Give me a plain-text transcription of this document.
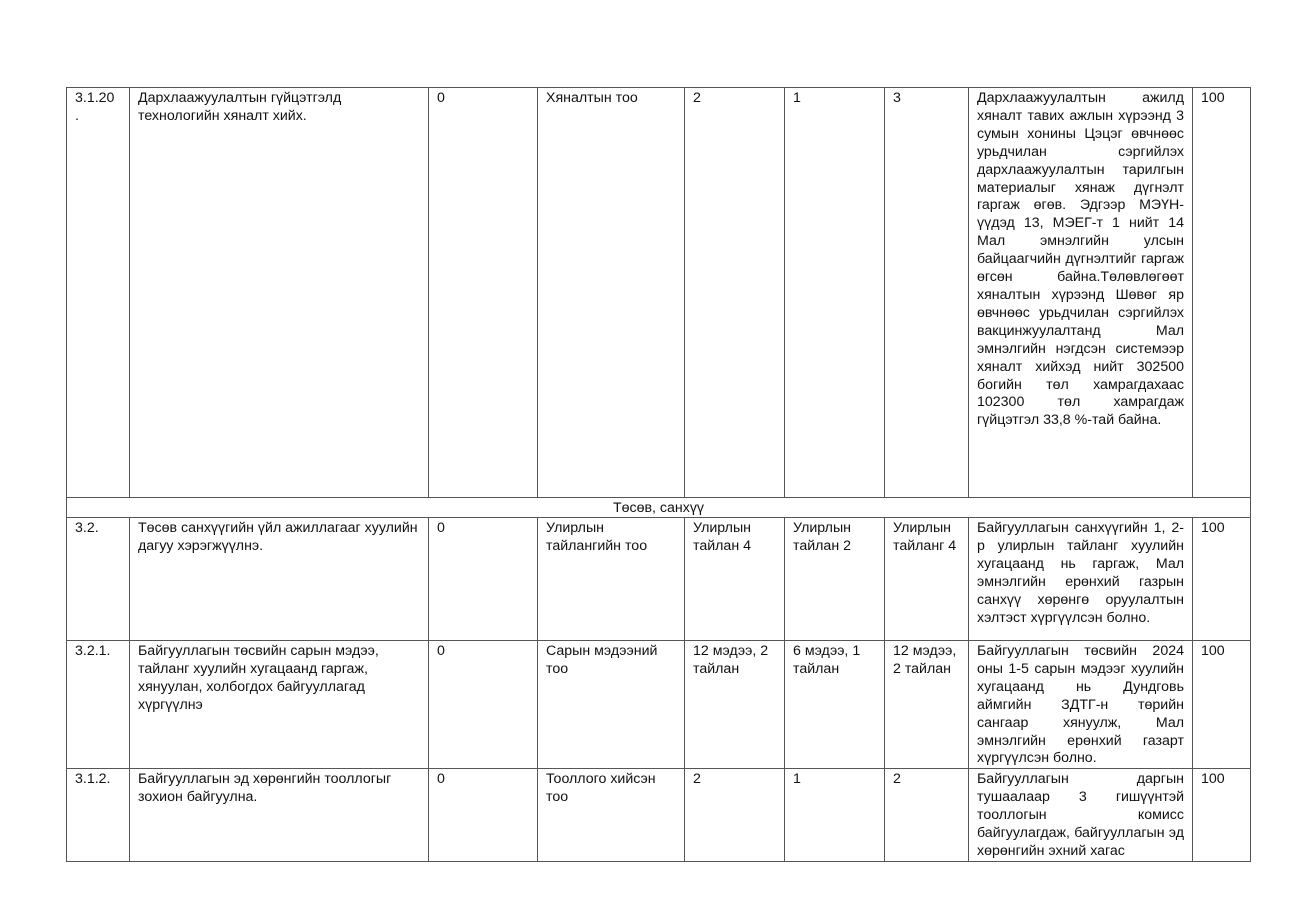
3.1.20 .	Дархлаажуулалтын гүйцэтгэлд технологийн хяналт хийх.	0	Хяналтын тоо	2	1	3	Дархлаажуулалтын ажилд хяналт тавих ажлын хүрээнд 3 сумын хонины Цэцэг өвчнөөс урьдчилан сэргийлэх дархлаажуулалтын тарилгын материалыг хянаж дүгнэлт гаргаж өгөв. Эдгээр МЭҮН-үүдэд 13, МЭЕГ-т 1 нийт 14 Мал эмнэлгийн улсын байцаагчийн дүгнэлтийг гаргаж өгсөн байна.Төлөвлөгөөт хяналтын хүрээнд Шөвөг яр өвчнөөс урьдчилан сэргийлэх вакцинжуулалтанд Мал эмнэлгийн нэгдсэн системээр хяналт хийхэд нийт 302500 богийн төл хамрагдахаас 102300 төл хамрагдаж гүйцэтгэл 33,8 %-тай байна.	100
Төсөв, санхүү								
3.2.	Төсөв санхүүгийн үйл ажиллагааг хуулийн дагуу хэрэгжүүлнэ.	0	Улирлын тайлангийн тоо	Улирлын тайлан 4	Улирлын тайлан 2	Улирлын тайланг 4	Байгууллагын санхүүгийн 1, 2-р улирлын тайланг хуулийн хугацаанд нь гаргаж, Мал эмнэлгийн ерөнхий газрын санхүү хөрөнгө оруулалтын хэлтэст хүргүүлсэн болно.	100
3.2.1.	Байгууллагын төсвийн сарын мэдээ, тайланг хуулийн хугацаанд гаргаж, хянуулан, холбогдох байгууллагад хүргүүлнэ	0	Сарын мэдээний тоо	12 мэдээ, 2 тайлан	6 мэдээ, 1 тайлан	12 мэдээ, 2 тайлан	Байгууллагын төсвийн 2024 оны 1-5 сарын мэдээг хуулийн хугацаанд нь Дундговь аймгийн ЗДТГ-н төрийн сангаар хянуулж, Мал эмнэлгийн ерөнхий газарт хүргүүлсэн болно.	100
3.1.2.	Байгууллагын эд хөрөнгийн тооллогыг зохион байгуулна.	0	Тооллого хийсэн тоо	2	1	2	Байгууллагын даргын тушаалаар 3 гишүүнтэй тооллогын комисс байгуулагдаж, байгууллагын эд хөрөнгийн эхний хагас	100
